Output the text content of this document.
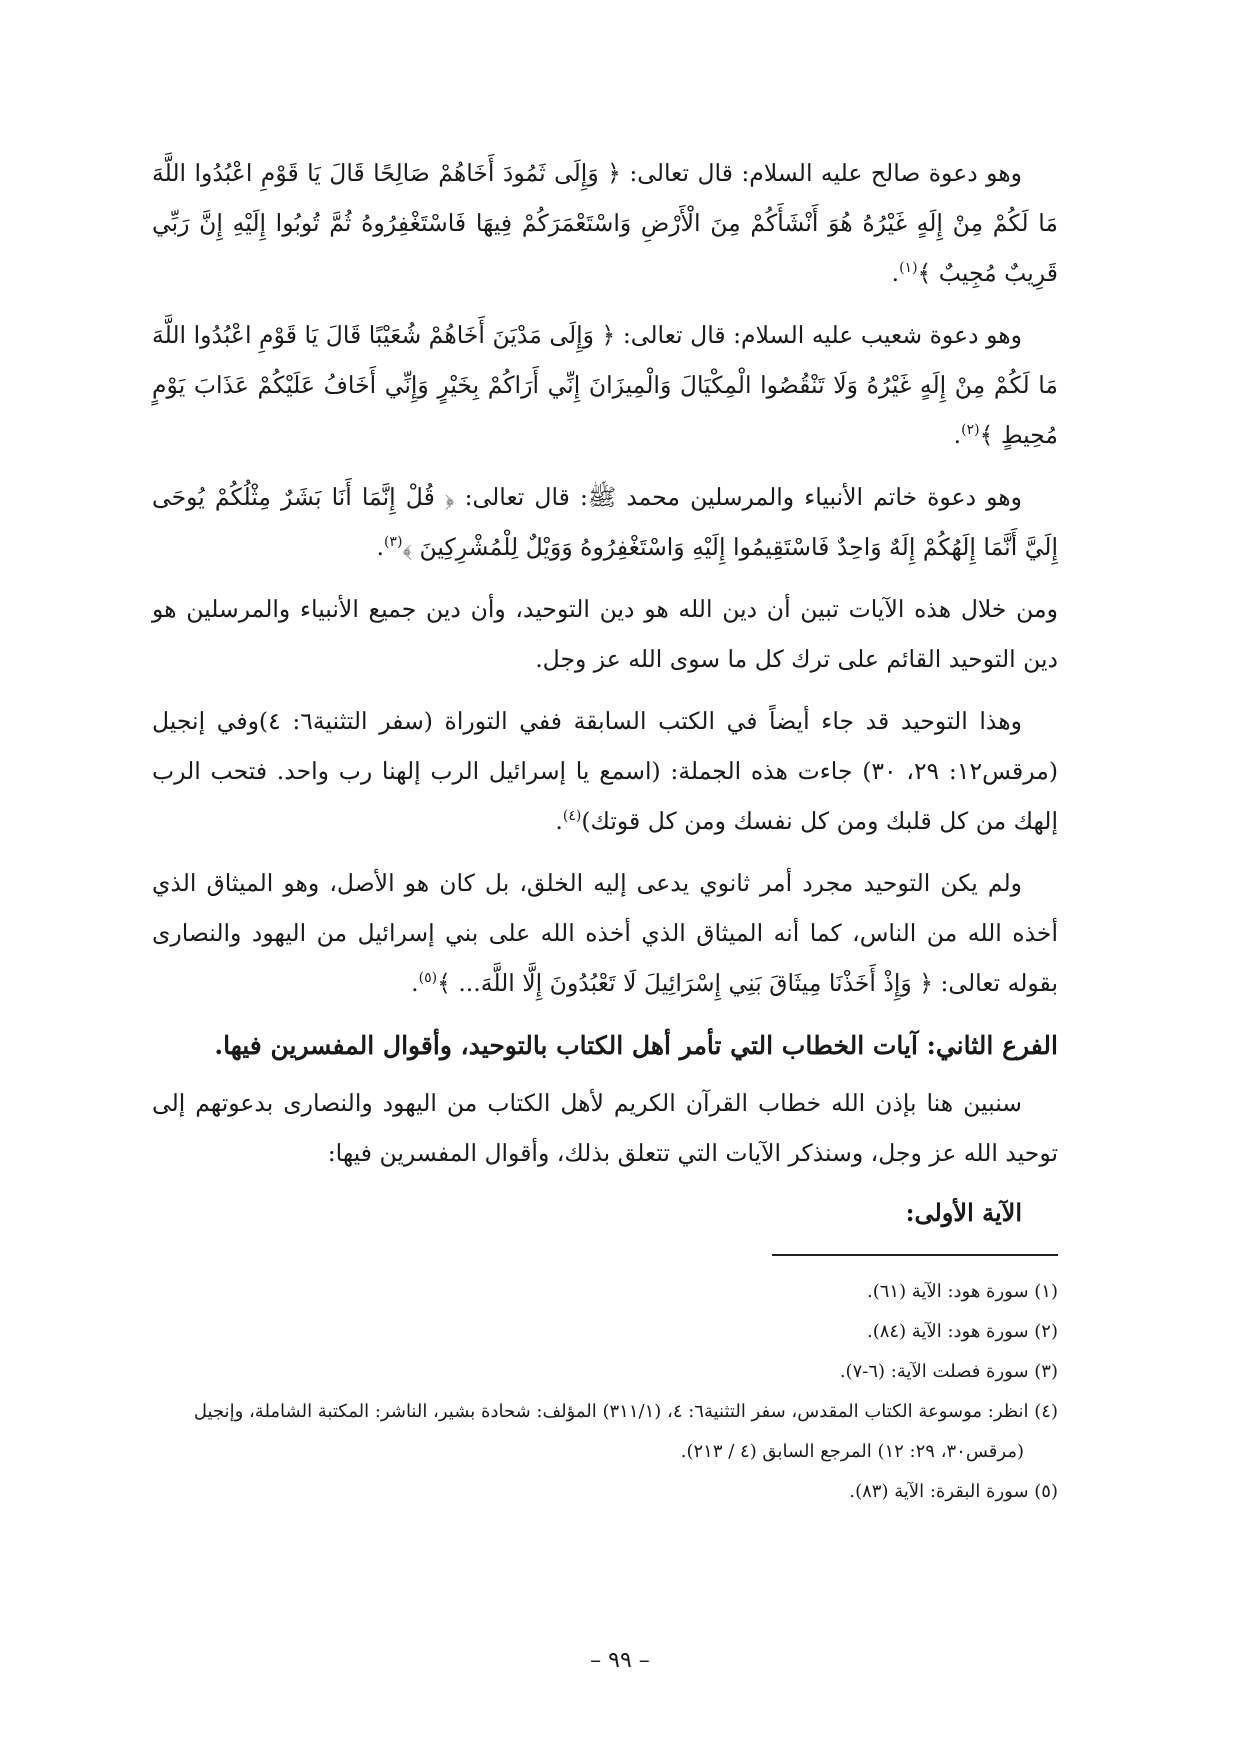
وهو دعوة صالح عليه السلام: قال تعالى: ﴿ وَإِلَى ثَمُودَ أَخَاهُمْ صَالِحًا قَالَ يَا قَوْمِ اعْبُدُوا اللَّهَ مَا لَكُمْ مِنْ إِلَهٍ غَيْرُهُ هُوَ أَنْشَأَكُمْ مِنَ الْأَرْضِ وَاسْتَعْمَرَكُمْ فِيهَا فَاسْتَغْفِرُوهُ ثُمَّ تُوبُوا إِلَيْهِ إِنَّ رَبِّي قَرِيبٌ مُجِيبٌ ﴾$^{(١)}$.

وهو دعوة شعيب عليه السلام: قال تعالى: ﴿ وَإِلَى مَدْيَنَ أَخَاهُمْ شُعَيْبًا قَالَ يَا قَوْمِ اعْبُدُوا اللَّهَ مَا لَكُمْ مِنْ إِلَهٍ غَيْرُهُ وَلَا تَنْقُصُوا الْمِكْيَالَ وَالْمِيزَانَ إِنِّي أَرَاكُمْ بِخَيْرٍ وَإِنِّي أَخَافُ عَلَيْكُمْ عَذَابَ يَوْمٍ مُحِيطٍ ﴾$^{(٢)}$.

وهو دعوة خاتم الأنبياء والمرسلين محمد ﷺ: قال تعالى: ﴿ قُلْ إِنَّمَا أَنَا بَشَرٌ مِثْلُكُمْ يُوحَى إِلَيَّ أَنَّمَا إِلَهُكُمْ إِلَهٌ وَاحِدٌ فَاسْتَقِيمُوا إِلَيْهِ وَاسْتَغْفِرُوهُ وَوَيْلٌ لِلْمُشْرِكِينَ ﴾$^{(٣)}$.

ومن خلال هذه الآيات تبين أن دين الله هو دين التوحيد، وأن دين جميع الأنبياء والمرسلين هو دين التوحيد القائم على ترك كل ما سوى الله عز وجل.

وهذا التوحيد قد جاء أيضاً في الكتب السابقة ففي التوراة (سفر التثنية٦: ٤)وفي إنجيل (مرقس١٢: ٢٩، ٣٠) جاءت هذه الجملة: (اسمع يا إسرائيل الرب إلهنا رب واحد. فتحب الرب إلهك من كل قلبك ومن كل نفسك ومن كل قوتك)$^{(٤)}$.

ولم يكن التوحيد مجرد أمر ثانوي يدعى إليه الخلق، بل كان هو الأصل، وهو الميثاق الذي أخذه الله من الناس، كما أنه الميثاق الذي أخذه الله على بني إسرائيل من اليهود والنصارى بقوله تعالى: ﴿ وَإِذْ أَخَذْنَا مِيثَاقَ بَنِي إِسْرَائِيلَ لَا تَعْبُدُونَ إِلَّا اللَّهَ... ﴾$^{(٥)}$.

الفرع الثاني: آيات الخطاب التي تأمر أهل الكتاب بالتوحيد، وأقوال المفسرين فيها.

سنبين هنا بإذن الله خطاب القرآن الكريم لأهل الكتاب من اليهود والنصارى بدعوتهم إلى توحيد الله عز وجل، وسنذكر الآيات التي تتعلق بذلك، وأقوال المفسرين فيها:

الآية الأولى:

(١) سورة هود: الآية (٦١).

(٢) سورة هود: الآية (٨٤).

(٣) سورة فصلت الآية: (٦-٧).

(٤) انظر: موسوعة الكتاب المقدس، سفر التثنية٦: ٤، (٣١١/١) المؤلف: شحادة بشير، الناشر: المكتبة الشاملة، وإنجيل

(مرقس٣٠، ٢٩: ١٢) المرجع السابق (٤ / ٢١٣).

(٥) سورة البقرة: الآية (٨٣).

– ٩٩ –
